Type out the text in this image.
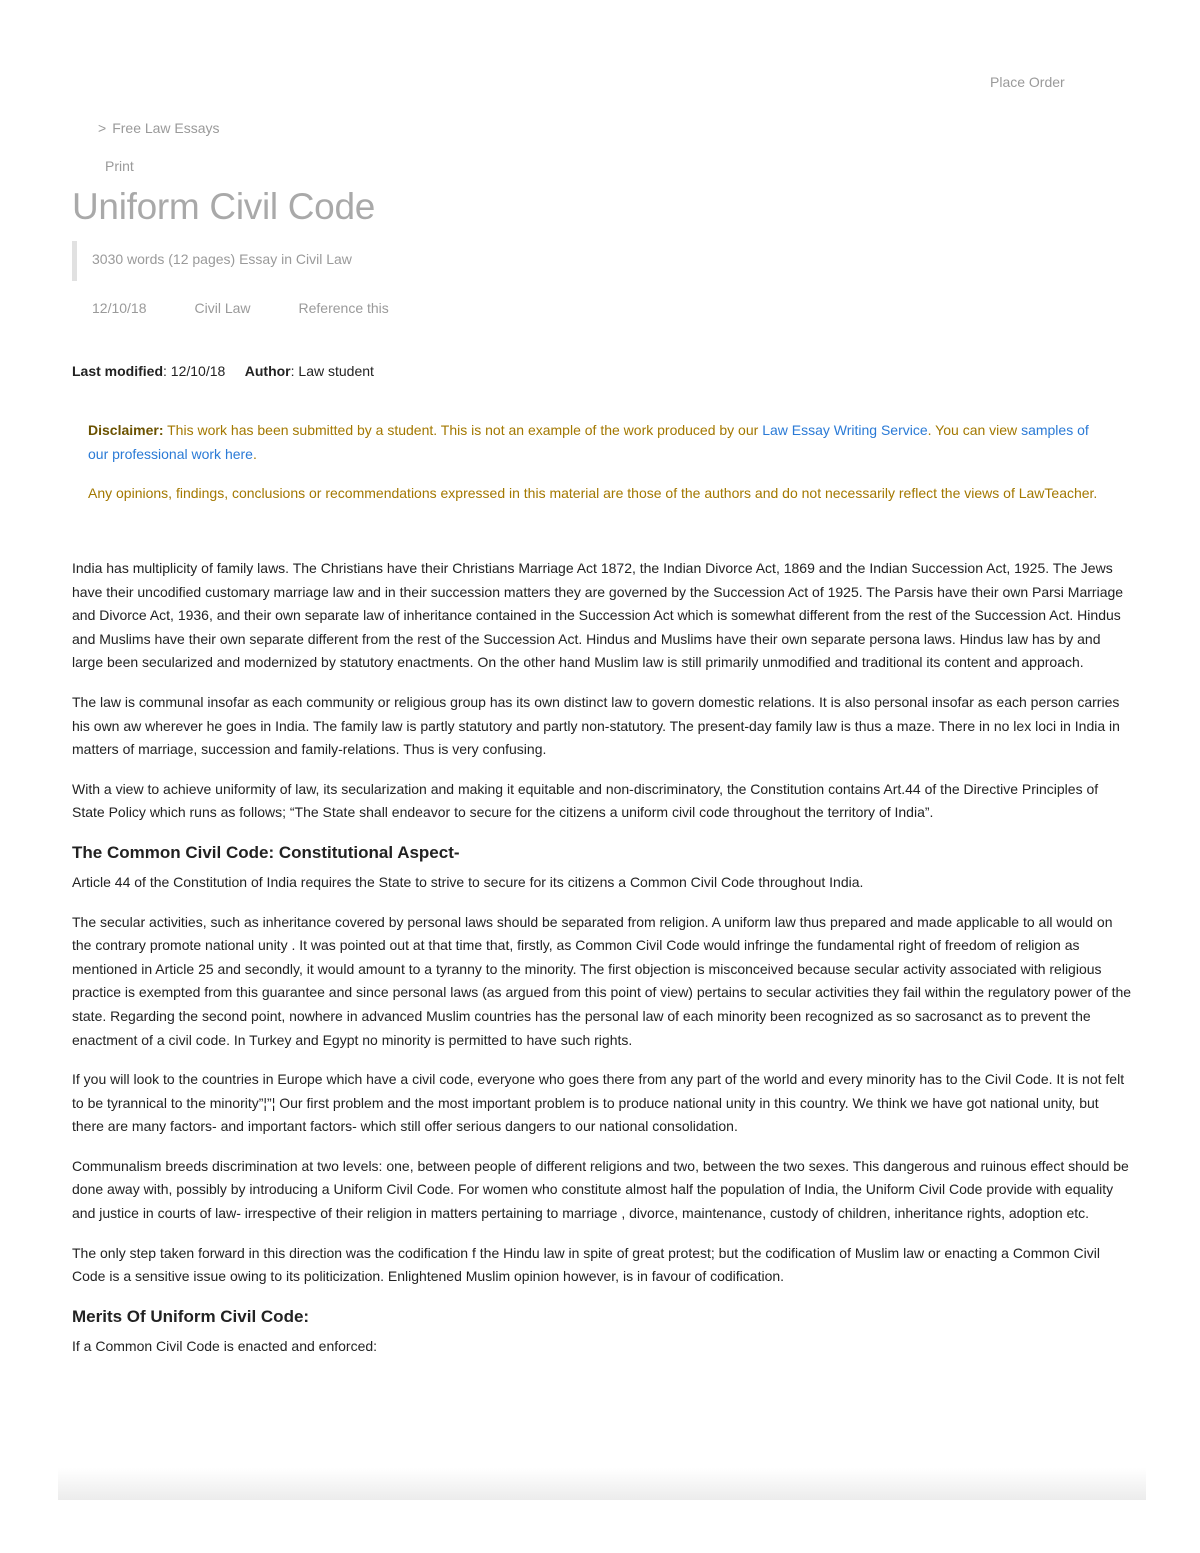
Place Order
> Free Law Essays
Print
Uniform Civil Code
3030 words (12 pages) Essay in Civil Law
12/10/18	Civil Law	Reference this
Last modified: 12/10/18 Author: Law student

Disclaimer: This work has been submitted by a student. This is not an example of the work produced by our Law Essay Writing Service. You can view samples of our professional work here.

Any opinions, findings, conclusions or recommendations expressed in this material are those of the authors and do not necessarily reflect the views of LawTeacher.

India has multiplicity of family laws. The Christians have their Christians Marriage Act 1872, the Indian Divorce Act, 1869 and the Indian Succession Act, 1925. The Jews have their uncodified customary marriage law and in their succession matters they are governed by the Succession Act of 1925. The Parsis have their own Parsi Marriage and Divorce Act, 1936, and their own separate law of inheritance contained in the Succession Act which is somewhat different from the rest of the Succession Act. Hindus and Muslims have their own separate different from the rest of the Succession Act. Hindus and Muslims have their own separate persona laws. Hindus law has by and large been secularized and modernized by statutory enactments. On the other hand Muslim law is still primarily unmodified and traditional its content and approach.

The law is communal insofar as each community or religious group has its own distinct law to govern domestic relations. It is also personal insofar as each person carries his own aw wherever he goes in India. The family law is partly statutory and partly non-statutory. The present-day family law is thus a maze. There in no lex loci in India in matters of marriage, succession and family-relations. Thus is very confusing.

With a view to achieve uniformity of law, its secularization and making it equitable and non-discriminatory, the Constitution contains Art.44 of the Directive Principles of State Policy which runs as follows; “The State shall endeavor to secure for the citizens a uniform civil code throughout the territory of India”.

The Common Civil Code: Constitutional Aspect-

Article 44 of the Constitution of India requires the State to strive to secure for its citizens a Common Civil Code throughout India.

The secular activities, such as inheritance covered by personal laws should be separated from religion. A uniform law thus prepared and made applicable to all would on the contrary promote national unity . It was pointed out at that time that, firstly, as Common Civil Code would infringe the fundamental right of freedom of religion as mentioned in Article 25 and secondly, it would amount to a tyranny to the minority. The first objection is misconceived because secular activity associated with religious practice is exempted from this guarantee and since personal laws (as argued from this point of view) pertains to secular activities they fail within the regulatory power of the state. Regarding the second point, nowhere in advanced Muslim countries has the personal law of each minority been recognized as so sacrosanct as to prevent the enactment of a civil code. In Turkey and Egypt no minority is permitted to have such rights.

If you will look to the countries in Europe which have a civil code, everyone who goes there from any part of the world and every minority has to the Civil Code. It is not felt to be tyrannical to the minority”¦”¦ Our first problem and the most important problem is to produce national unity in this country. We think we have got national unity, but there are many factors- and important factors- which still offer serious dangers to our national consolidation.

Communalism breeds discrimination at two levels: one, between people of different religions and two, between the two sexes. This dangerous and ruinous effect should be done away with, possibly by introducing a Uniform Civil Code. For women who constitute almost half the population of India, the Uniform Civil Code provide with equality and justice in courts of law- irrespective of their religion in matters pertaining to marriage , divorce, maintenance, custody of children, inheritance rights, adoption etc.

The only step taken forward in this direction was the codification f the Hindu law in spite of great protest; but the codification of Muslim law or enacting a Common Civil Code is a sensitive issue owing to its politicization. Enlightened Muslim opinion however, is in favour of codification.

Merits Of Uniform Civil Code:

If a Common Civil Code is enacted and enforced:
